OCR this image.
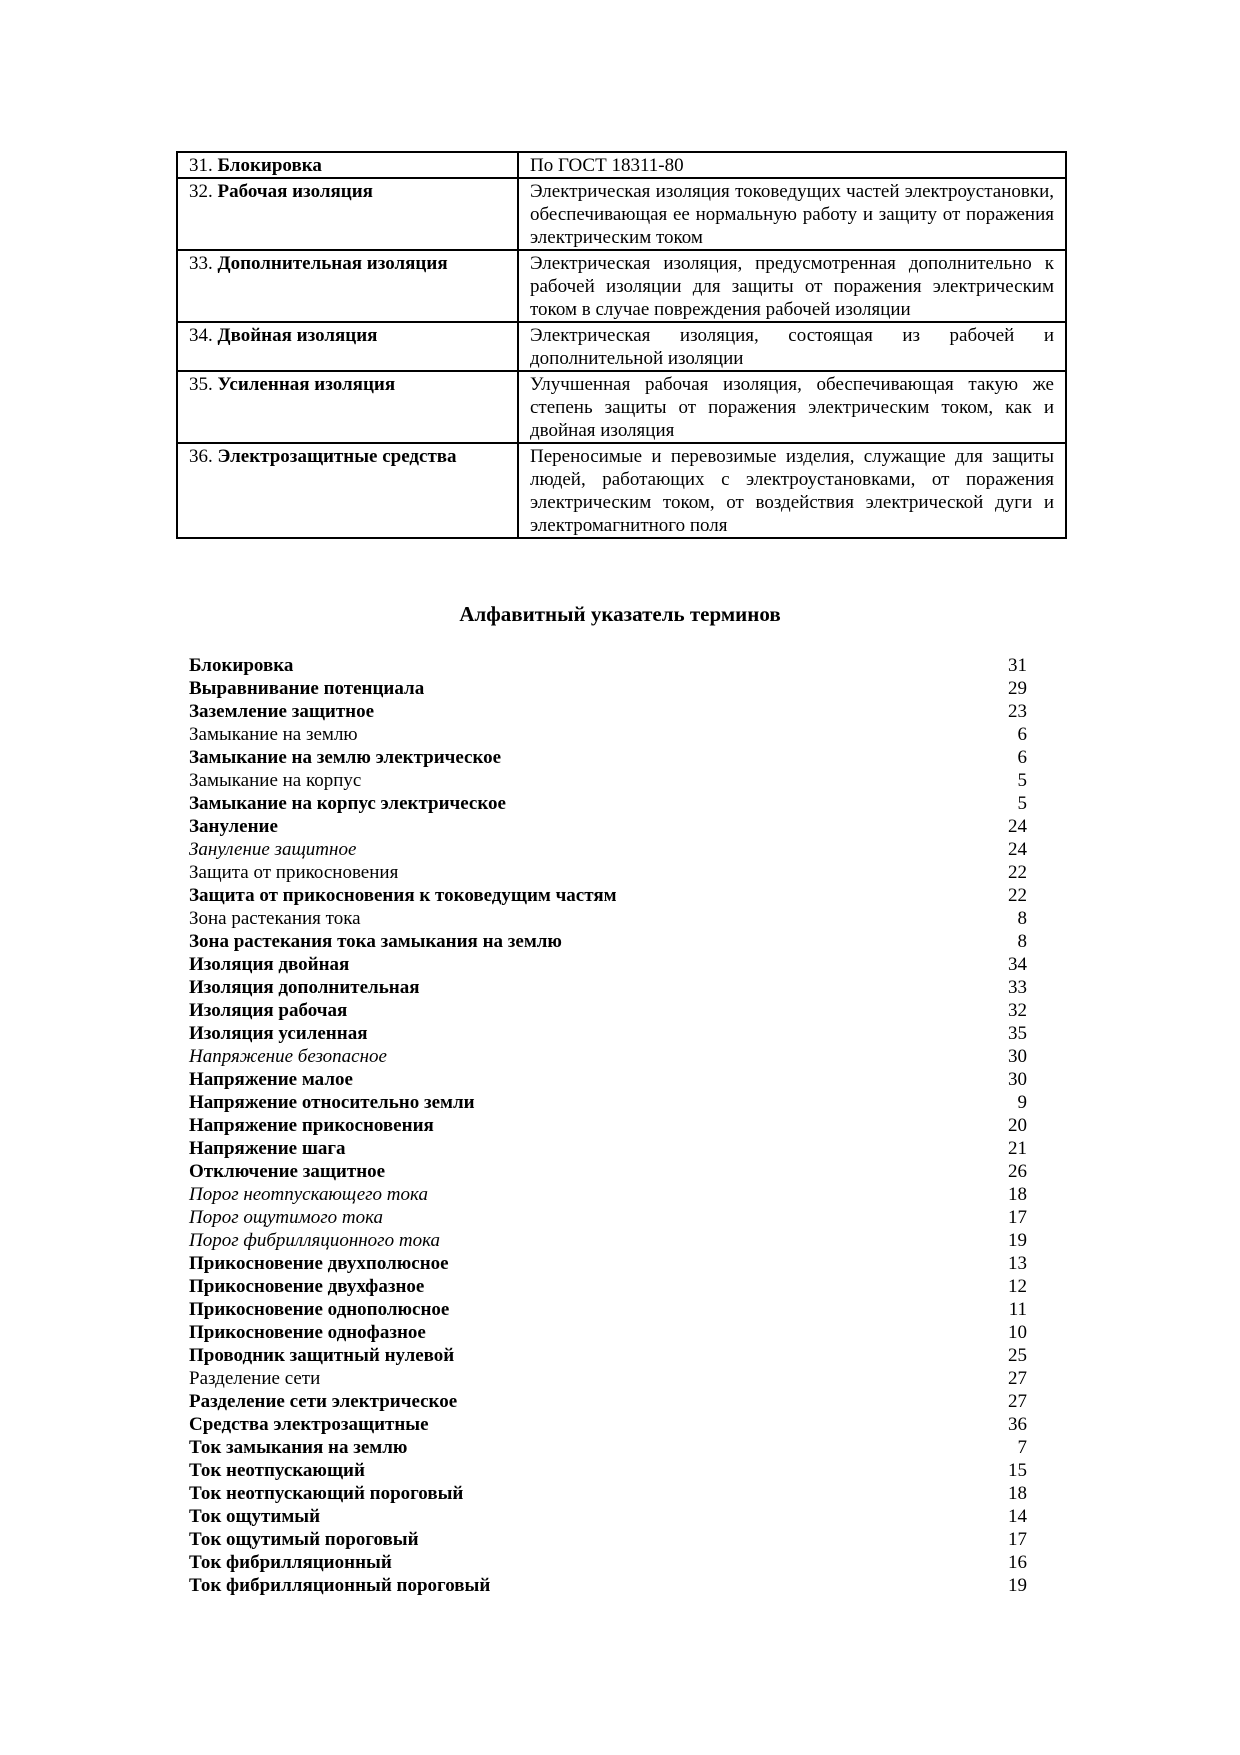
31. Блокировка	По ГОСТ 18311-80
32. Рабочая изоляция	Электрическая изоляция токоведущих частей электроустановки, обеспечивающая ее нормальную работу и защиту от поражения электрическим током
33. Дополнительная изоляция	Электрическая изоляция, предусмотренная дополнительно к рабочей изоляции для защиты от поражения электрическим током в случае повреждения рабочей изоляции
34. Двойная изоляция	Электрическая изоляция, состоящая из рабочей и дополнительной изоляции
35. Усиленная изоляция	Улучшенная рабочая изоляция, обеспечивающая такую же степень защиты от поражения электрическим током, как и двойная изоляция
36. Электрозащитные средства	Переносимые и перевозимые изделия, служащие для защиты людей, работающих с электроустановками, от поражения электрическим током, от воздействия электрической дуги и электромагнитного поля
Алфавитный указатель терминов
Блокировка	31
Выравнивание потенциала	29
Заземление защитное	23
Замыкание на землю	6
Замыкание на землю электрическое	6
Замыкание на корпус	5
Замыкание на корпус электрическое	5
Зануление	24
Зануление защитное	24
Защита от прикосновения	22
Защита от прикосновения к токоведущим частям	22
Зона растекания тока	8
Зона растекания тока замыкания на землю	8
Изоляция двойная	34
Изоляция дополнительная	33
Изоляция рабочая	32
Изоляция усиленная	35
Напряжение безопасное	30
Напряжение малое	30
Напряжение относительно земли	9
Напряжение прикосновения	20
Напряжение шага	21
Отключение защитное	26
Порог неотпускающего тока	18
Порог ощутимого тока	17
Порог фибрилляционного тока	19
Прикосновение двухполюсное	13
Прикосновение двухфазное	12
Прикосновение однополюсное	11
Прикосновение однофазное	10
Проводник защитный нулевой	25
Разделение сети	27
Разделение сети электрическое	27
Средства электрозащитные	36
Ток замыкания на землю	7
Ток неотпускающий	15
Ток неотпускающий пороговый	18
Ток ощутимый	14
Ток ощутимый пороговый	17
Ток фибрилляционный	16
Ток фибрилляционный пороговый	19
